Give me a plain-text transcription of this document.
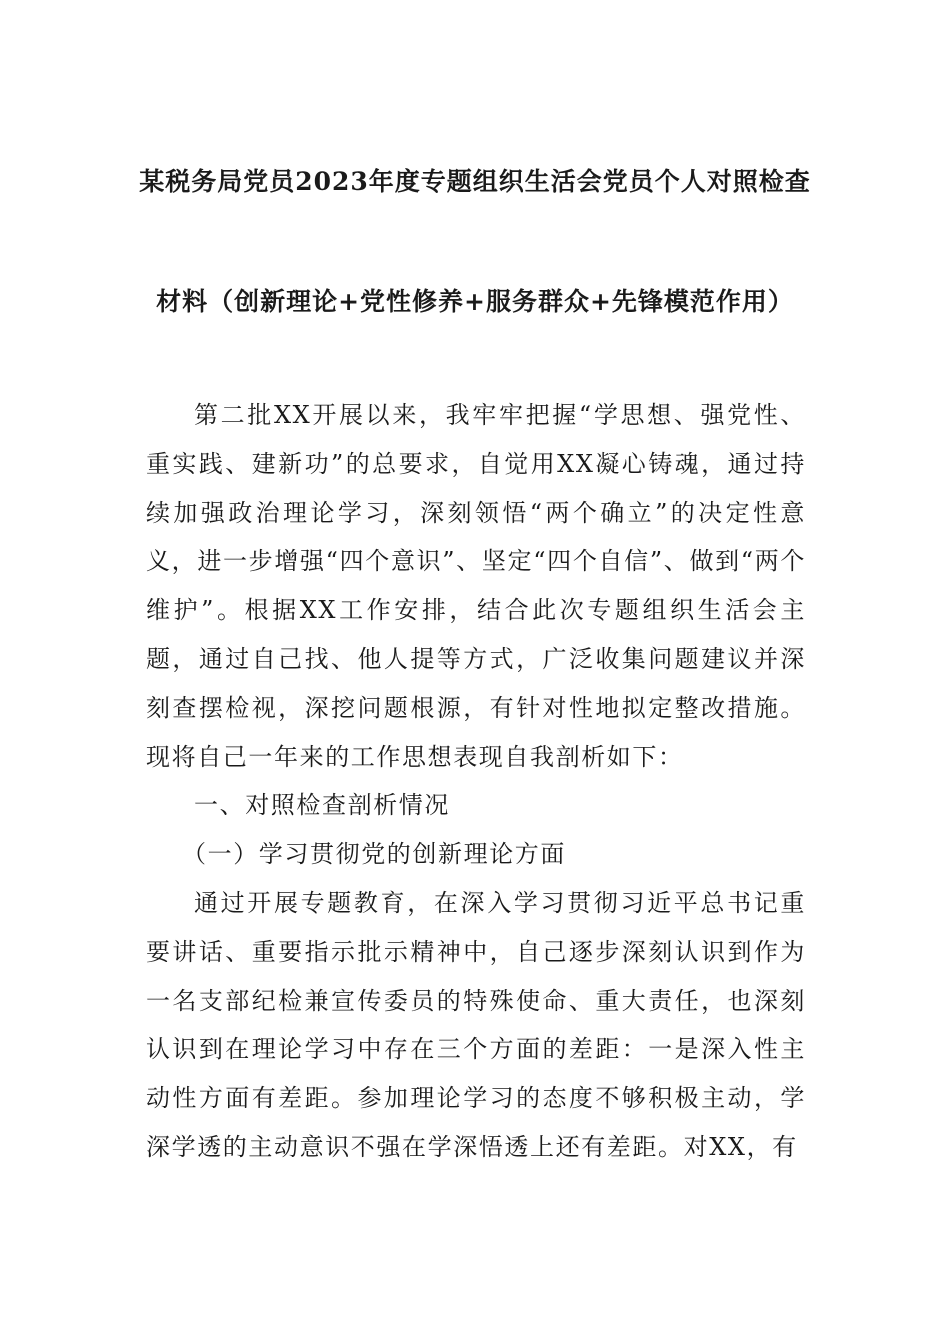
某税务局党员2023年度专题组织生活会党员个人对照检查
材料（创新理论+党性修养+服务群众+先锋模范作用）
第二批XX开展以来，我牢牢把握“学思想、强党性、重实践、建新功”的总要求，自觉用XX凝心铸魂，通过持续加强政治理论学习，深刻领悟“两个确立”的决定性意义，进一步增强“四个意识”、坚定“四个自信”、做到“两个维护”。根据XX工作安排，结合此次专题组织生活会主题，通过自己找、他人提等方式，广泛收集问题建议并深刻查摆检视，深挖问题根源，有针对性地拟定整改措施。现将自己一年来的工作思想表现自我剖析如下：
一、对照检查剖析情况
（一）学习贯彻党的创新理论方面
通过开展专题教育，在深入学习贯彻习近平总书记重要讲话、重要指示批示精神中，自己逐步深刻认识到作为一名支部纪检兼宣传委员的特殊使命、重大责任，也深刻认识到在理论学习中存在三个方面的差距：一是深入性主动性方面有差距。参加理论学习的态度不够积极主动，学深学透的主动意识不强在学深悟透上还有差距。对XX，有
